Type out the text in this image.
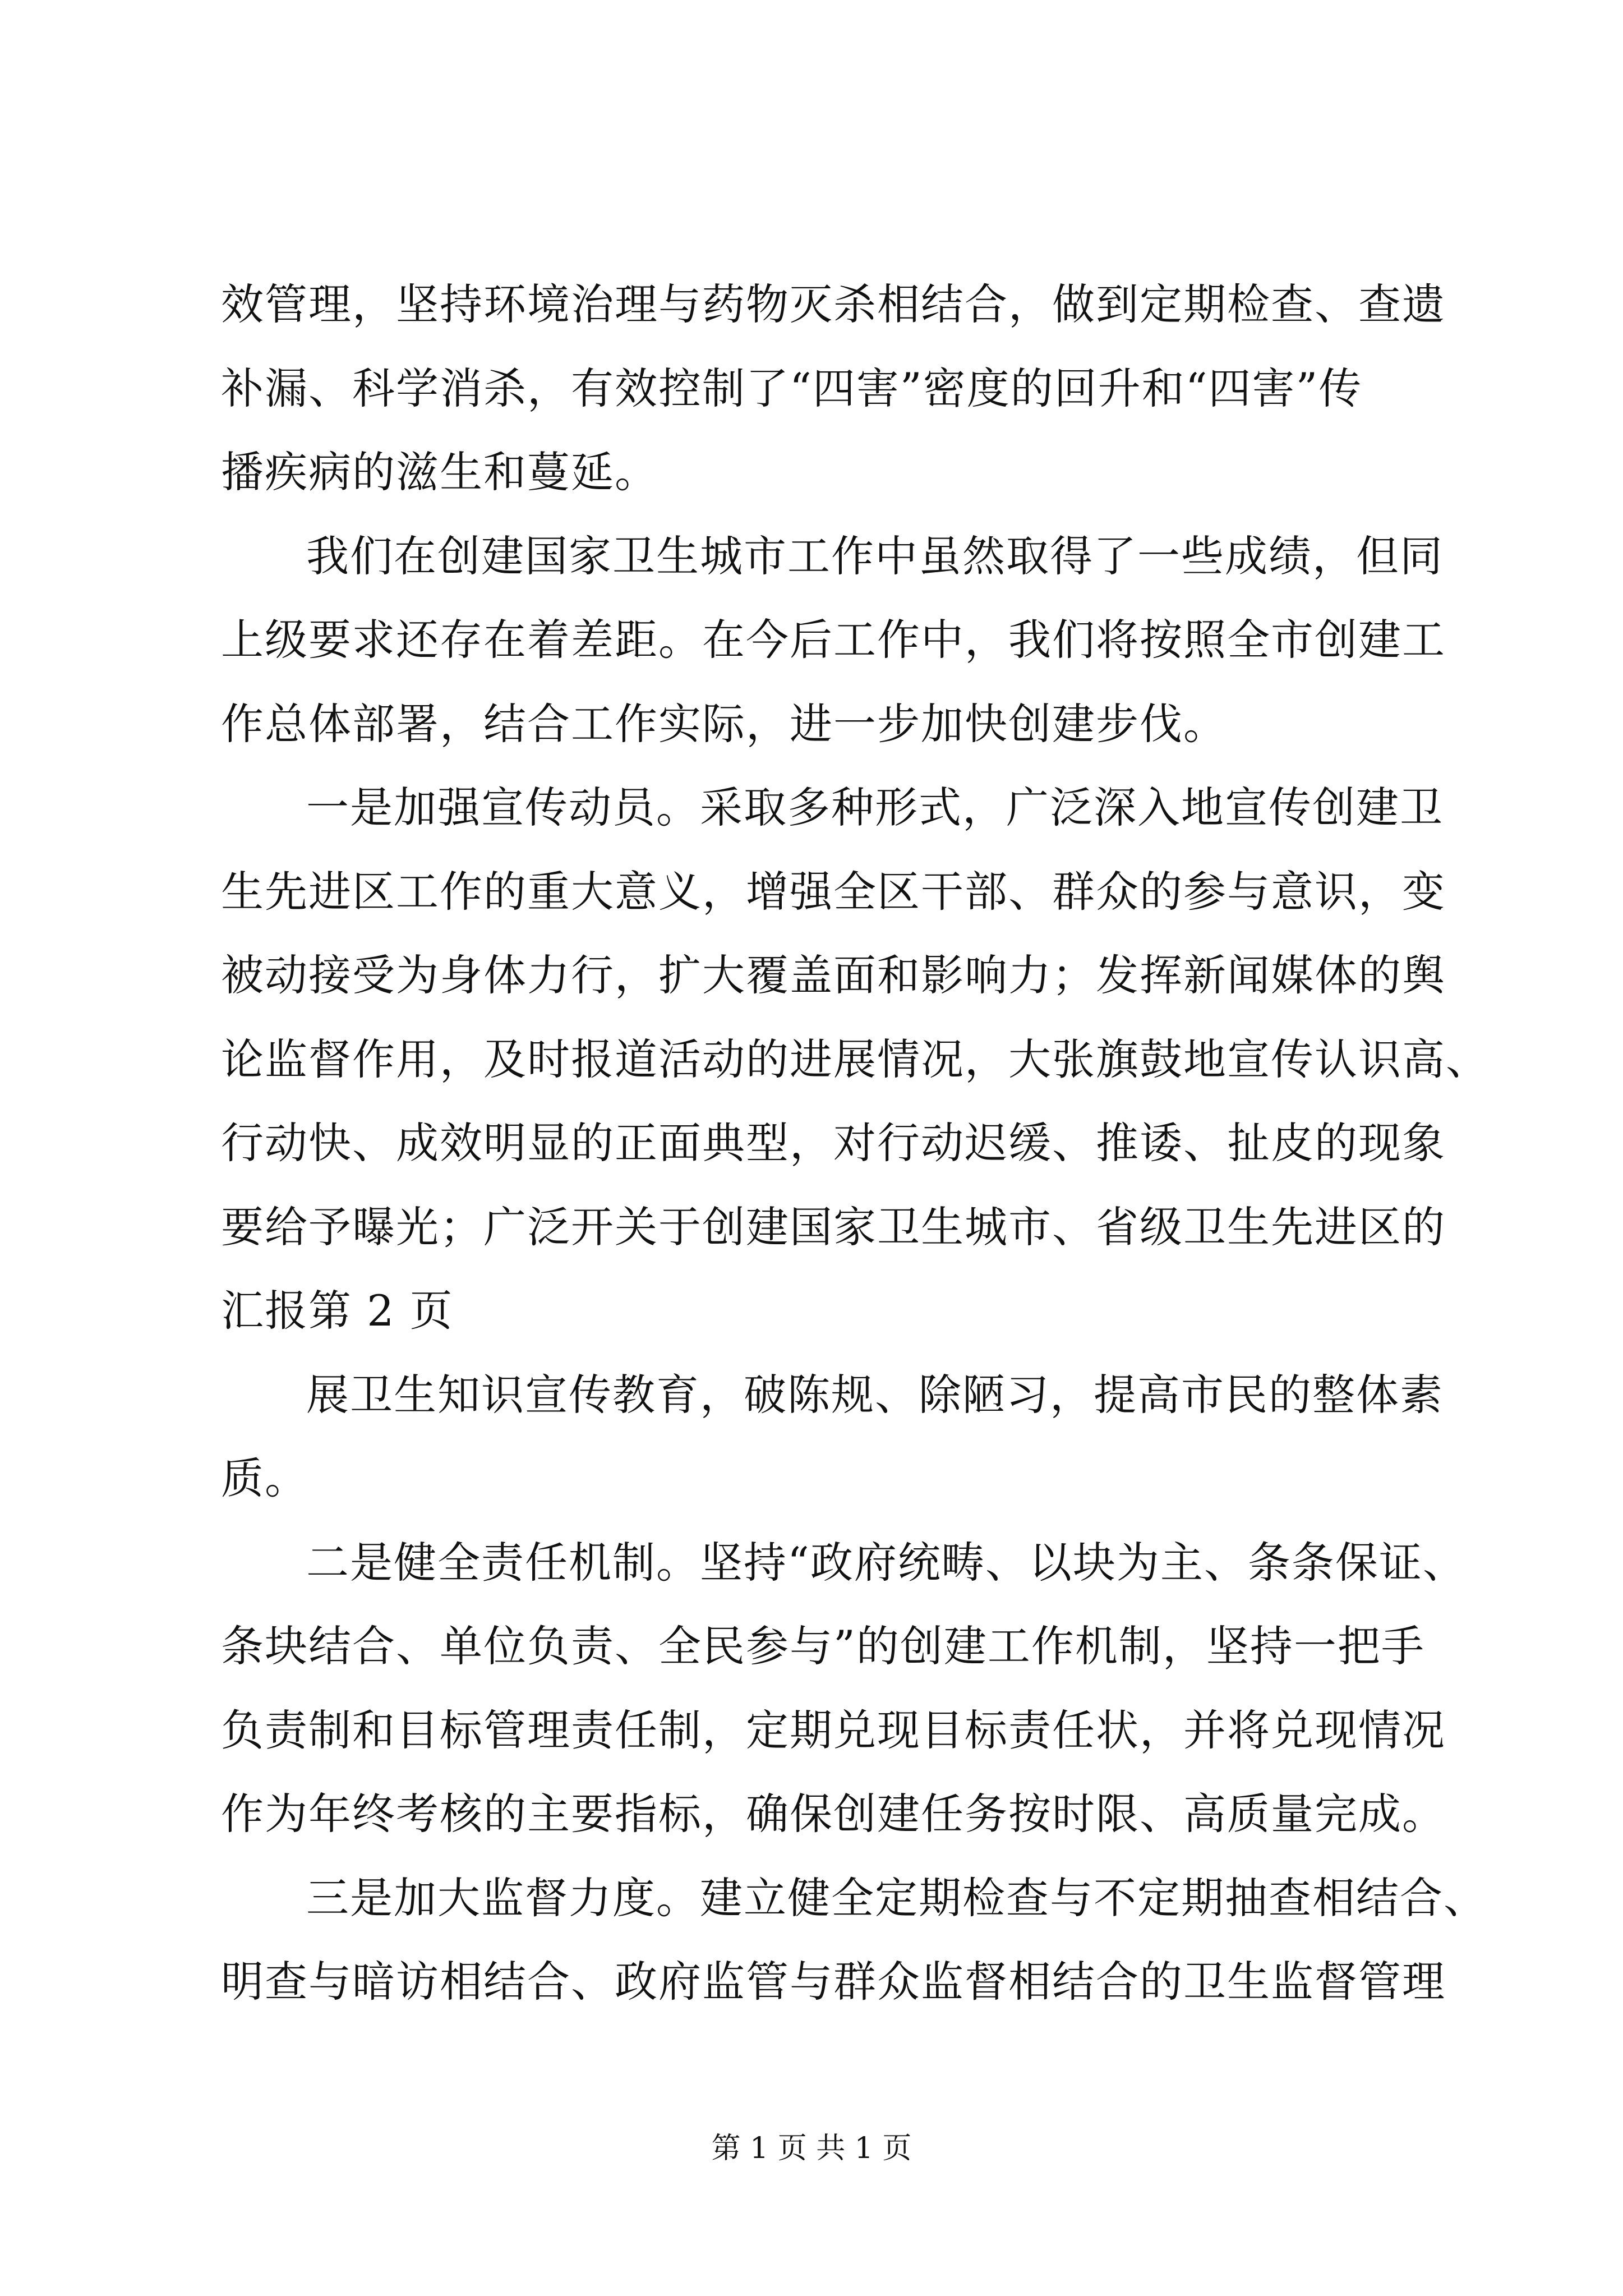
效管理，坚持环境治理与药物灭杀相结合，做到定期检查、查遗
补漏、科学消杀，有效控制了“四害”密度的回升和“四害”传
播疾病的滋生和蔓延。
我们在创建国家卫生城市工作中虽然取得了一些成绩，但同
上级要求还存在着差距。在今后工作中，我们将按照全市创建工
作总体部署，结合工作实际，进一步加快创建步伐。
一是加强宣传动员。采取多种形式，广泛深入地宣传创建卫
生先进区工作的重大意义，增强全区干部、群众的参与意识，变
被动接受为身体力行，扩大覆盖面和影响力；发挥新闻媒体的舆
论监督作用，及时报道活动的进展情况，大张旗鼓地宣传认识高、
行动快、成效明显的正面典型，对行动迟缓、推诿、扯皮的现象
要给予曝光；广泛开关于创建国家卫生城市、省级卫生先进区的
汇报第 2 页
展卫生知识宣传教育，破陈规、除陋习，提高市民的整体素
质。
二是健全责任机制。坚持“政府统畴、以块为主、条条保证、
条块结合、单位负责、全民参与”的创建工作机制，坚持一把手
负责制和目标管理责任制，定期兑现目标责任状，并将兑现情况
作为年终考核的主要指标，确保创建任务按时限、高质量完成。
三是加大监督力度。建立健全定期检查与不定期抽查相结合、
明查与暗访相结合、政府监管与群众监督相结合的卫生监督管理
第 1 页 共 1 页
